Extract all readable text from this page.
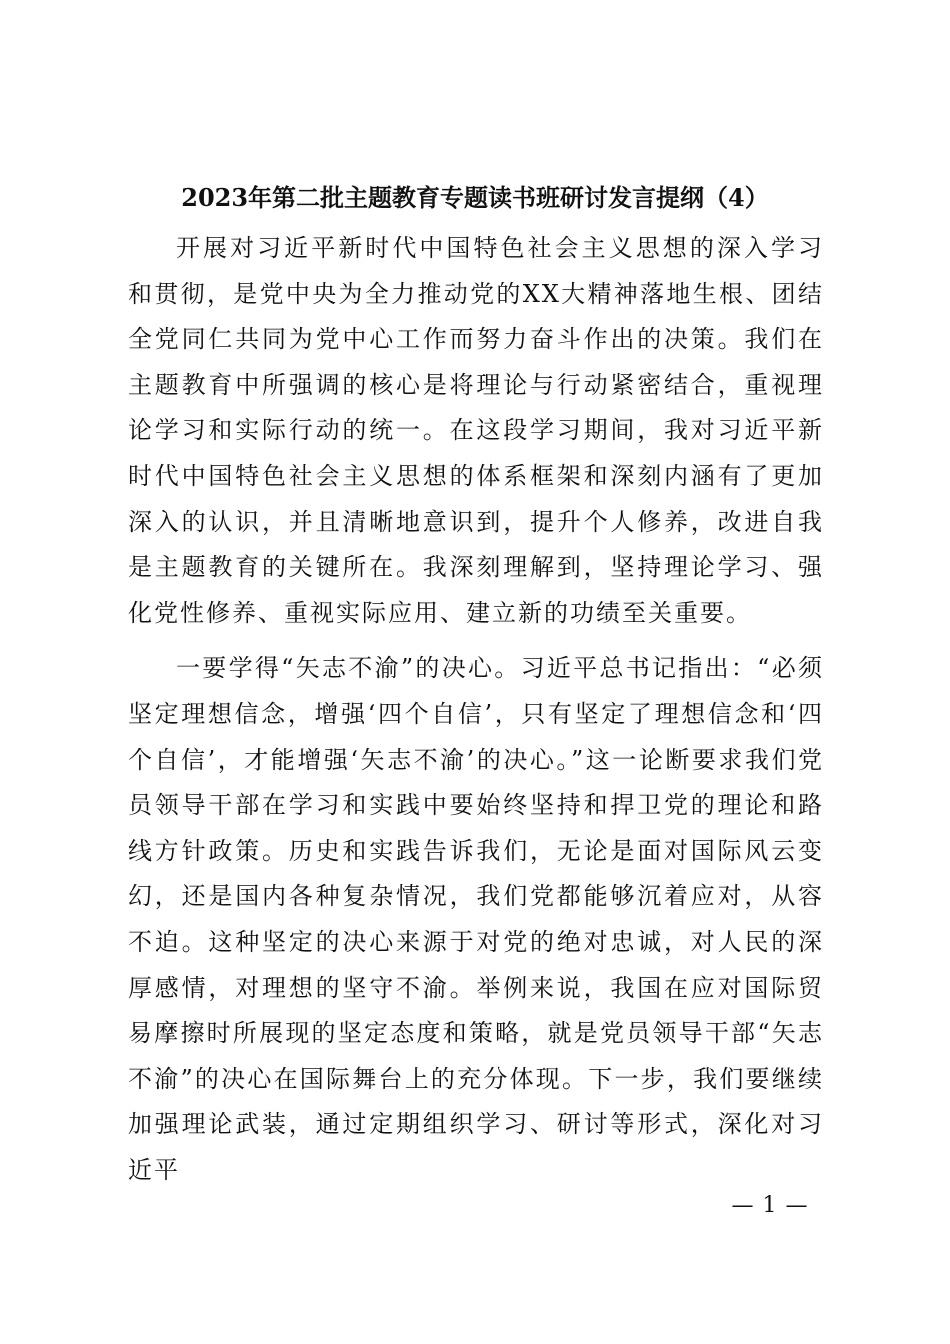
2023年第二批主题教育专题读书班研讨发言提纲（4）

开展对习近平新时代中国特色社会主义思想的深入学习和贯彻，是党中央为全力推动党的XX大精神落地生根、团结全党同仁共同为党中心工作而努力奋斗作出的决策。我们在主题教育中所强调的核心是将理论与行动紧密结合，重视理论学习和实际行动的统一。在这段学习期间，我对习近平新时代中国特色社会主义思想的体系框架和深刻内涵有了更加深入的认识，并且清晰地意识到，提升个人修养，改进自我是主题教育的关键所在。我深刻理解到，坚持理论学习、强化党性修养、重视实际应用、建立新的功绩至关重要。

一要学得“矢志不渝”的决心。习近平总书记指出：“必须坚定理想信念，增强‘四个自信’，只有坚定了理想信念和‘四个自信’，才能增强‘矢志不渝’的决心。”这一论断要求我们党员领导干部在学习和实践中要始终坚持和捍卫党的理论和路线方针政策。历史和实践告诉我们，无论是面对国际风云变幻，还是国内各种复杂情况，我们党都能够沉着应对，从容不迫。这种坚定的决心来源于对党的绝对忠诚，对人民的深厚感情，对理想的坚守不渝。举例来说，我国在应对国际贸易摩擦时所展现的坚定态度和策略，就是党员领导干部“矢志不渝”的决心在国际舞台上的充分体现。下一步，我们要继续加强理论武装，通过定期组织学习、研讨等形式，深化对习近平

— 1 —
